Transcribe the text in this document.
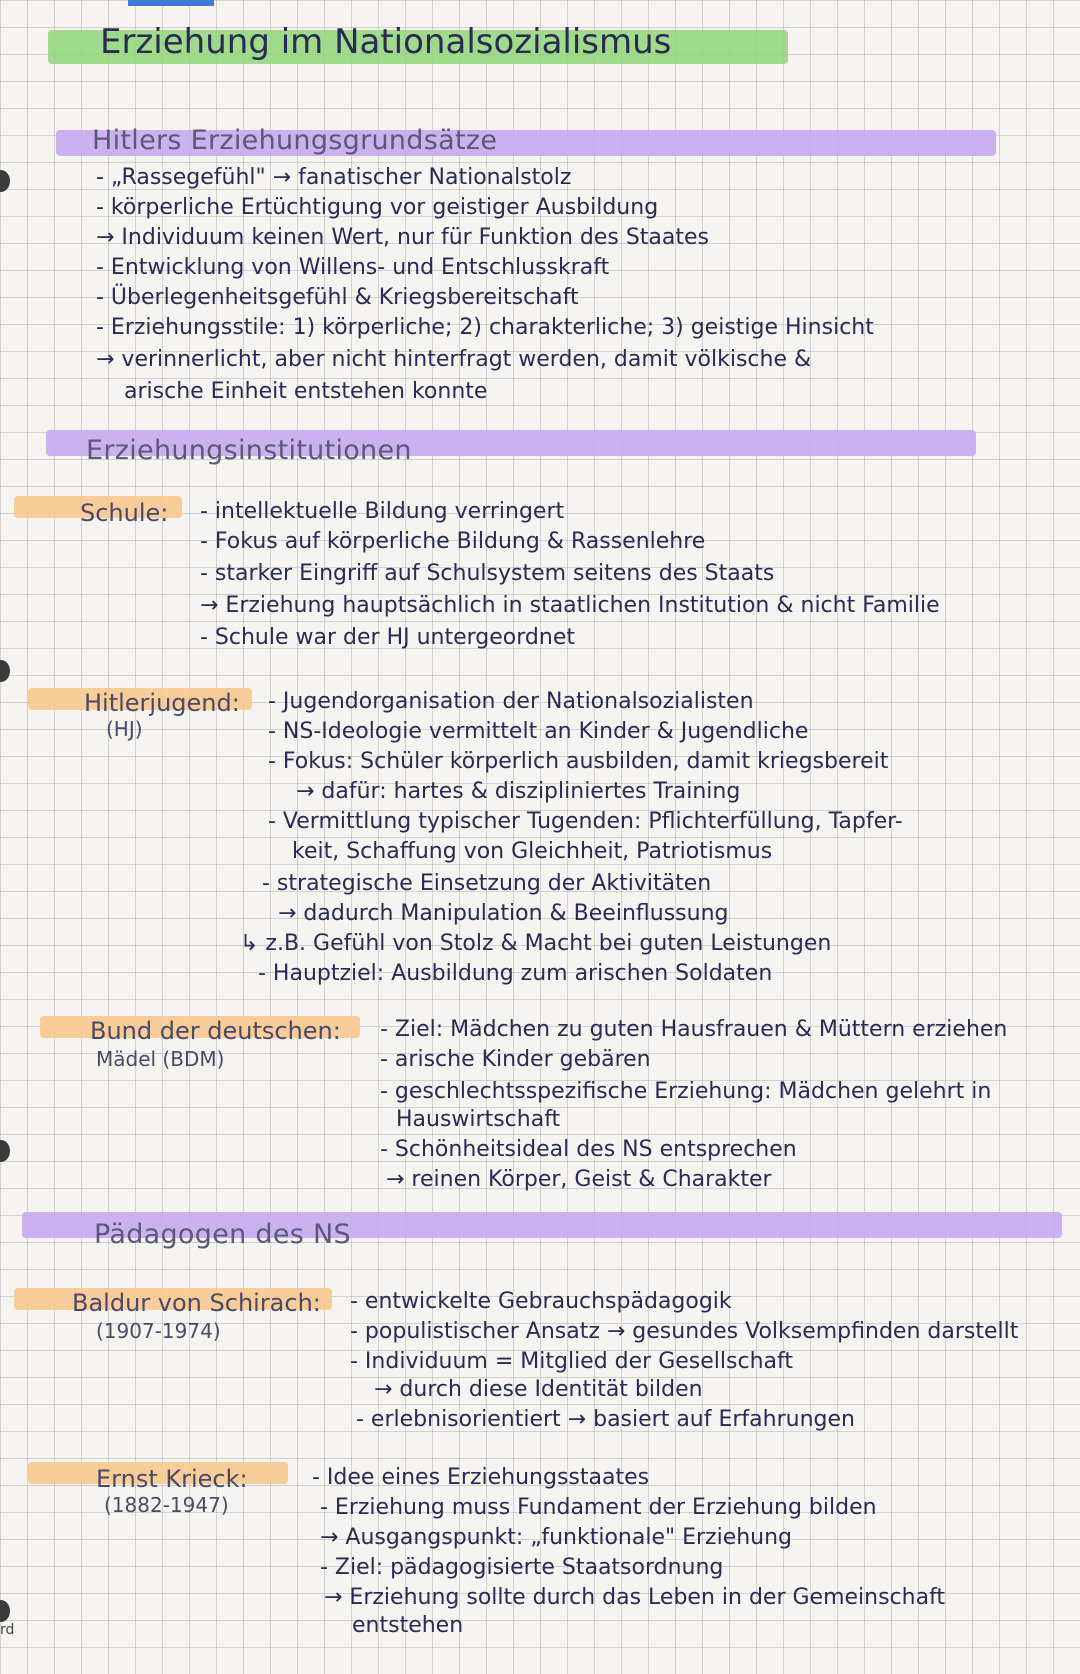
Erziehung im Nationalsozialismus
Hitlers Erziehungsgrundsätze
- „Rassegefühl" → fanatischer Nationalstolz
- körperliche Ertüchtigung vor geistiger Ausbildung
→ Individuum keinen Wert, nur für Funktion des Staates
- Entwicklung von Willens- und Entschlusskraft
- Überlegenheitsgefühl & Kriegsbereitschaft
- Erziehungsstile: 1) körperliche; 2) charakterliche; 3) geistige Hinsicht
→ verinnerlicht, aber nicht hinterfragt werden, damit völkische &
arische Einheit entstehen konnte
Erziehungsinstitutionen
Schule: - intellektuelle Bildung verringert
- Fokus auf körperliche Bildung & Rassenlehre
- starker Eingriff auf Schulsystem seitens des Staats
→ Erziehung hauptsächlich in staatlichen Institution & nicht Familie
- Schule war der HJ untergeordnet
Hitlerjugend:
(HJ)
- Jugendorganisation der Nationalsozialisten
- NS-Ideologie vermittelt an Kinder & Jugendliche
- Fokus: Schüler körperlich ausbilden, damit kriegsbereit
→ dafür: hartes & diszipliniertes Training
- Vermittlung typischer Tugenden: Pflichterfüllung, Tapfer-
keit, Schaffung von Gleichheit, Patriotismus
- strategische Einsetzung der Aktivitäten
→ dadurch Manipulation & Beeinflussung
↳ z.B. Gefühl von Stolz & Macht bei guten Leistungen
- Hauptziel: Ausbildung zum arischen Soldaten
Bund der deutschen:
Mädel (BDM)
- Ziel: Mädchen zu guten Hausfrauen & Müttern erziehen
- arische Kinder gebären
- geschlechtsspezifische Erziehung: Mädchen gelehrt in
Hauswirtschaft
- Schönheitsideal des NS entsprechen
→ reinen Körper, Geist & Charakter
Pädagogen des NS
Baldur von Schirach:
(1907-1974)
- entwickelte Gebrauchspädagogik
- populistischer Ansatz → gesundes Volksempfinden darstellt
- Individuum = Mitglied der Gesellschaft
→ durch diese Identität bilden
- erlebnisorientiert → basiert auf Erfahrungen
Ernst Krieck:
(1882-1947)
- Idee eines Erziehungsstaates
- Erziehung muss Fundament der Erziehung bilden
→ Ausgangspunkt: „funktionale" Erziehung
- Ziel: pädagogisierte Staatsordnung
→ Erziehung sollte durch das Leben in der Gemeinschaft
entstehen
rd
